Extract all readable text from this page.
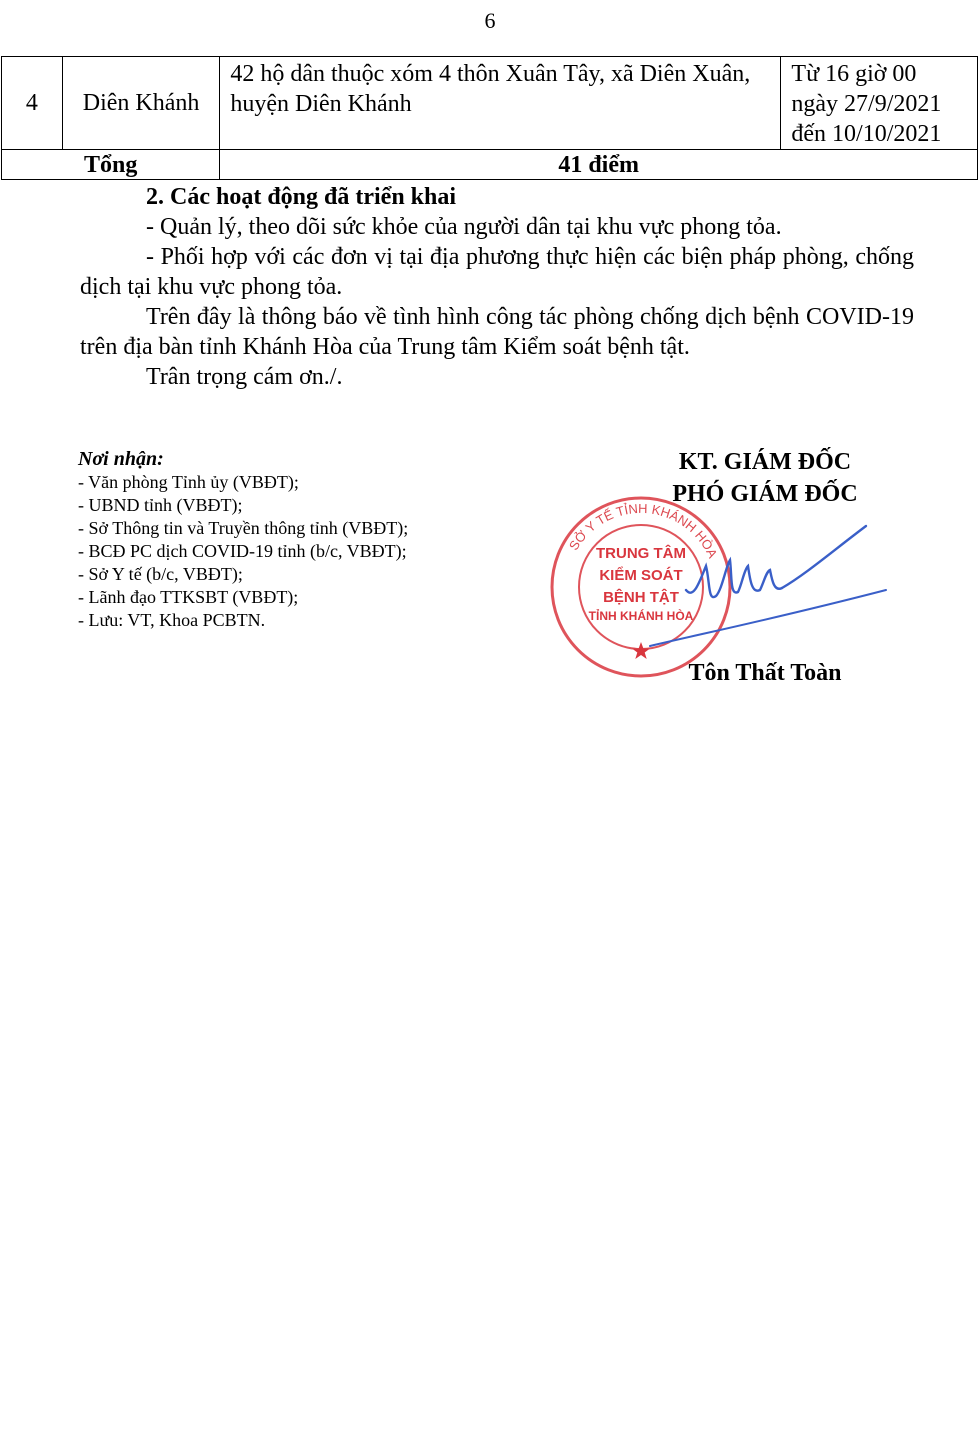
6
4	Diên Khánh	42 hộ dân thuộc xóm 4 thôn Xuân Tây, xã Diên Xuân, huyện Diên Khánh	Từ 16 giờ 00
ngày 27/9/2021
đến 10/10/2021

Tổng		41 điểm	

2. Các hoạt động đã triển khai

- Quản lý, theo dõi sức khỏe của người dân tại khu vực phong tỏa.

- Phối hợp với các đơn vị tại địa phương thực hiện các biện pháp phòng, chống dịch tại khu vực phong tỏa.

Trên đây là thông báo về tình hình công tác phòng chống dịch bệnh COVID-19 trên địa bàn tỉnh Khánh Hòa của Trung tâm Kiểm soát bệnh tật.

Trân trọng cám ơn./.

Nơi nhận:
- Văn phòng Tỉnh ủy (VBĐT);
- UBND tỉnh (VBĐT);
- Sở Thông tin và Truyền thông tỉnh (VBĐT);
- BCĐ PC dịch COVID-19 tỉnh (b/c, VBĐT);
- Sở Y tế (b/c, VBĐT);
- Lãnh đạo TTKSBT (VBĐT);
- Lưu: VT, Khoa PCBTN.
KT. GIÁM ĐỐC
PHÓ GIÁM ĐỐC
SỞ Y TẾ TỈNH KHÁNH HÒA
TRUNG TÂM
KIỂM SOÁT
BỆNH TẬT
TỈNH KHÁNH HÒA
Tôn Thất Toàn
